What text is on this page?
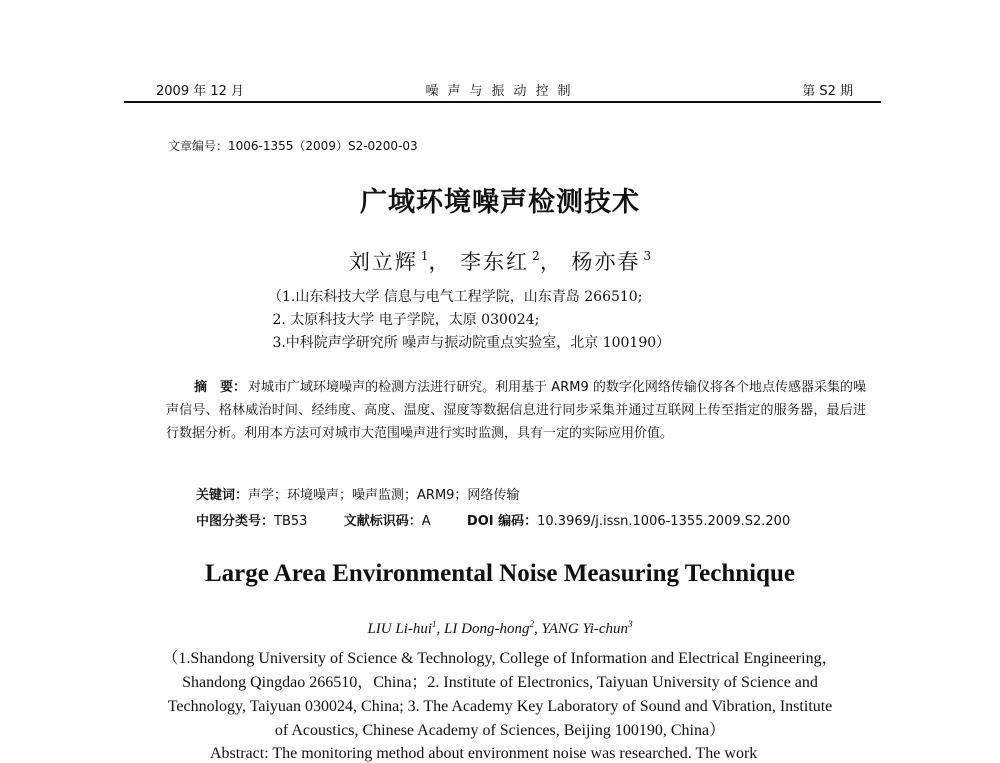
2009 年 12 月	噪声与振动控制	第 S2 期
文章编号：1006-1355（2009）S2-0200-03
广域环境噪声检测技术
刘立辉 $^1$， 李东红 $^2$， 杨亦春 $^3$
（1.山东科技大学 信息与电气工程学院，山东青岛 266510;
2. 太原科技大学 电子学院，太原 030024;
3.中科院声学研究所 噪声与振动院重点实验室，北京 100190）
摘　要： 对城市广域环境噪声的检测方法进行研究。利用基于 ARM9 的数字化网络传输仪将各个地点传感器采集的噪声信号、格林威治时间、经纬度、高度、温度、湿度等数据信息进行同步采集并通过互联网上传至指定的服务器，最后进行数据分析。利用本方法可对城市大范围噪声进行实时监测，具有一定的实际应用价值。
关键词：声学；环境噪声；噪声监测；ARM9；网络传输
中图分类号：TB53	文献标识码：A	DOI 编码：10.3969/j.issn.1006-1355.2009.S2.200
Large Area Environmental Noise Measuring Technique
LIU Li-hui$^1$, LI Dong-hong$^2$, YANG Yi-chun$^3$
（1.Shandong University of Science & Technology, College of Information and Electrical Engineering，
Shandong Qingdao 266510，China；2. Institute of Electronics, Taiyuan University of Science and
Technology, Taiyuan 030024, China; 3. The Academy Key Laboratory of Sound and Vibration, Institute
of Acoustics, Chinese Academy of Sciences, Beijing 100190, China）
Abstract: The monitoring method about environment noise was researched. The work
